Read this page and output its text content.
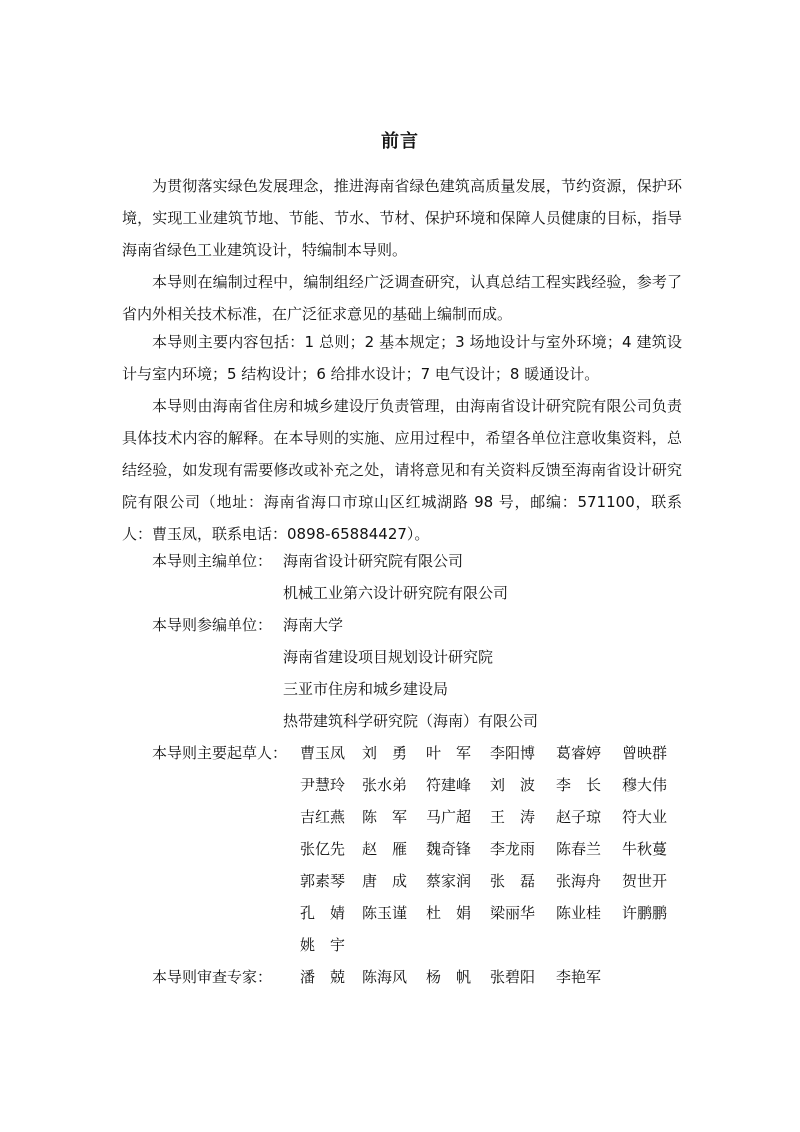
前言

为贯彻落实绿色发展理念，推进海南省绿色建筑高质量发展，节约资源，保护环境，实现工业建筑节地、节能、节水、节材、保护环境和保障人员健康的目标，指导海南省绿色工业建筑设计，特编制本导则。

本导则在编制过程中，编制组经广泛调查研究，认真总结工程实践经验，参考了省内外相关技术标准，在广泛征求意见的基础上编制而成。

本导则主要内容包括：1 总则；2 基本规定；3 场地设计与室外环境；4 建筑设计与室内环境；5 结构设计；6 给排水设计；7 电气设计；8 暖通设计。

本导则由海南省住房和城乡建设厅负责管理，由海南省设计研究院有限公司负责具体技术内容的解释。在本导则的实施、应用过程中，希望各单位注意收集资料，总结经验，如发现有需要修改或补充之处，请将意见和有关资料反馈至海南省设计研究院有限公司（地址：海南省海口市琼山区红城湖路 98 号，邮编：571100，联系人：曹玉凤，联系电话：0898-65884427）。

本导则主编单位： 海南省设计研究院有限公司
机械工业第六设计研究院有限公司
本导则参编单位： 海南大学
海南省建设项目规划设计研究院
三亚市住房和城乡建设局
热带建筑科学研究院（海南）有限公司
本导则主要起草人： 曹玉凤 刘　勇 叶　军 李阳博 葛睿婷 曾映群
尹慧玲 张水弟 符建峰 刘　波 李　长 穆大伟
吉红燕 陈　军 马广超 王　涛 赵子琼 符大业
张亿先 赵　雁 魏奇锋 李龙雨 陈春兰 牛秋蔓
郭素琴 唐　成 蔡家润 张　磊 张海舟 贺世开
孔　婧 陈玉谨 杜　娟 梁丽华 陈业桂 许鹏鹏
姚　宇
本导则审查专家： 潘　兢 陈海风 杨　帆 张碧阳 李艳军
